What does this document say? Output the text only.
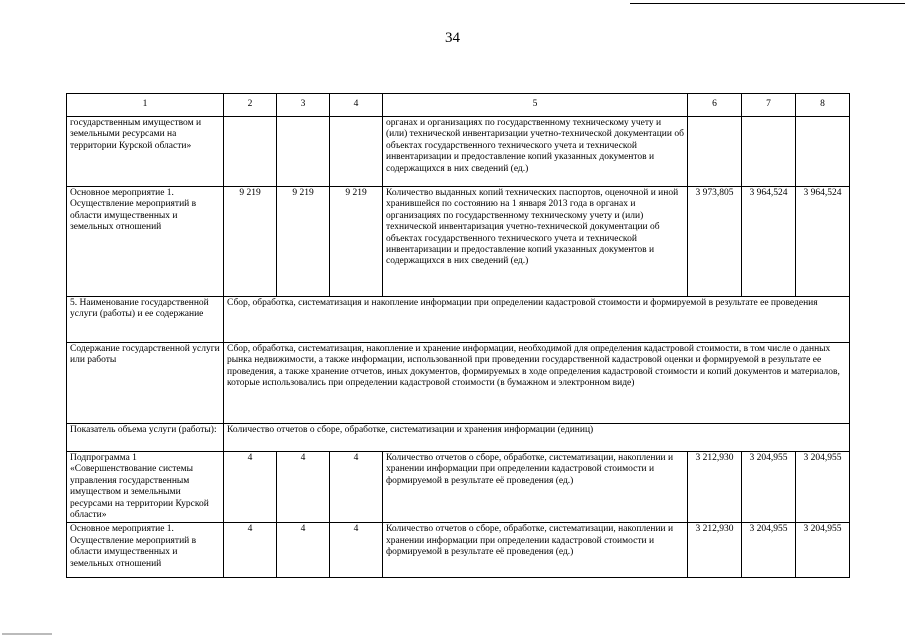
34
1	2	3	4	5	6	7	8
государственным имуществом и земельными ресурсами на территории Курской области»				органах и организациях по государственному техническому учету и (или) технической инвентаризации учетно-технической документации об объектах государственного технического учета и технической инвентаризации и предоставление копий указанных документов и содержащихся в них сведений (ед.)			
Основное мероприятие 1. Осуществление мероприятий в области имущественных и земельных отношений	9 219	9 219	9 219	Количество выданных копий технических паспортов, оценочной и иной хранившейся по состоянию на 1 января 2013 года в органах и организациях по государственному техническому учету и (или) технической инвентаризация учетно-технической документации об объектах государственного технического учета и технической инвентаризации и предоставление копий указанных документов и содержащихся в них сведений (ед.)	3 973,805	3 964,524	3 964,524
5. Наименование государственной услуги (работы) и ее содержание	Сбор, обработка, систематизация и накопление информации при определении кадастровой стоимости и формируемой в результате ее проведения						
Содержание государственной услуги или работы	Сбор, обработка, систематизация, накопление и хранение информации, необходимой для определения кадастровой стоимости, в том числе о данных рынка недвижимости, а также информации, использованной при проведении государственной кадастровой оценки и формируемой в результате ее проведения, а также хранение отчетов, иных документов, формируемых в ходе определения кадастровой стоимости и копий документов и материалов, которые использовались при определении кадастровой стоимости (в бумажном и электронном виде)						
Показатель объема услуги (работы):	Количество отчетов о сборе, обработке, систематизации и хранения информации (единиц)						
Подпрограмма 1 «Совершенствование системы управления государственным имуществом и земельными ресурсами на территории Курской области»	4	4	4	Количество отчетов о сборе, обработке, систематизации, накоплении и хранении информации при определении кадастровой стоимости и формируемой в результате её проведения (ед.)	3 212,930	3 204,955	3 204,955
Основное мероприятие 1. Осуществление мероприятий в области имущественных и земельных отношений	4	4	4	Количество отчетов о сборе, обработке, систематизации, накоплении и хранении информации при определении кадастровой стоимости и формируемой в результате её проведения (ед.)	3 212,930	3 204,955	3 204,955
